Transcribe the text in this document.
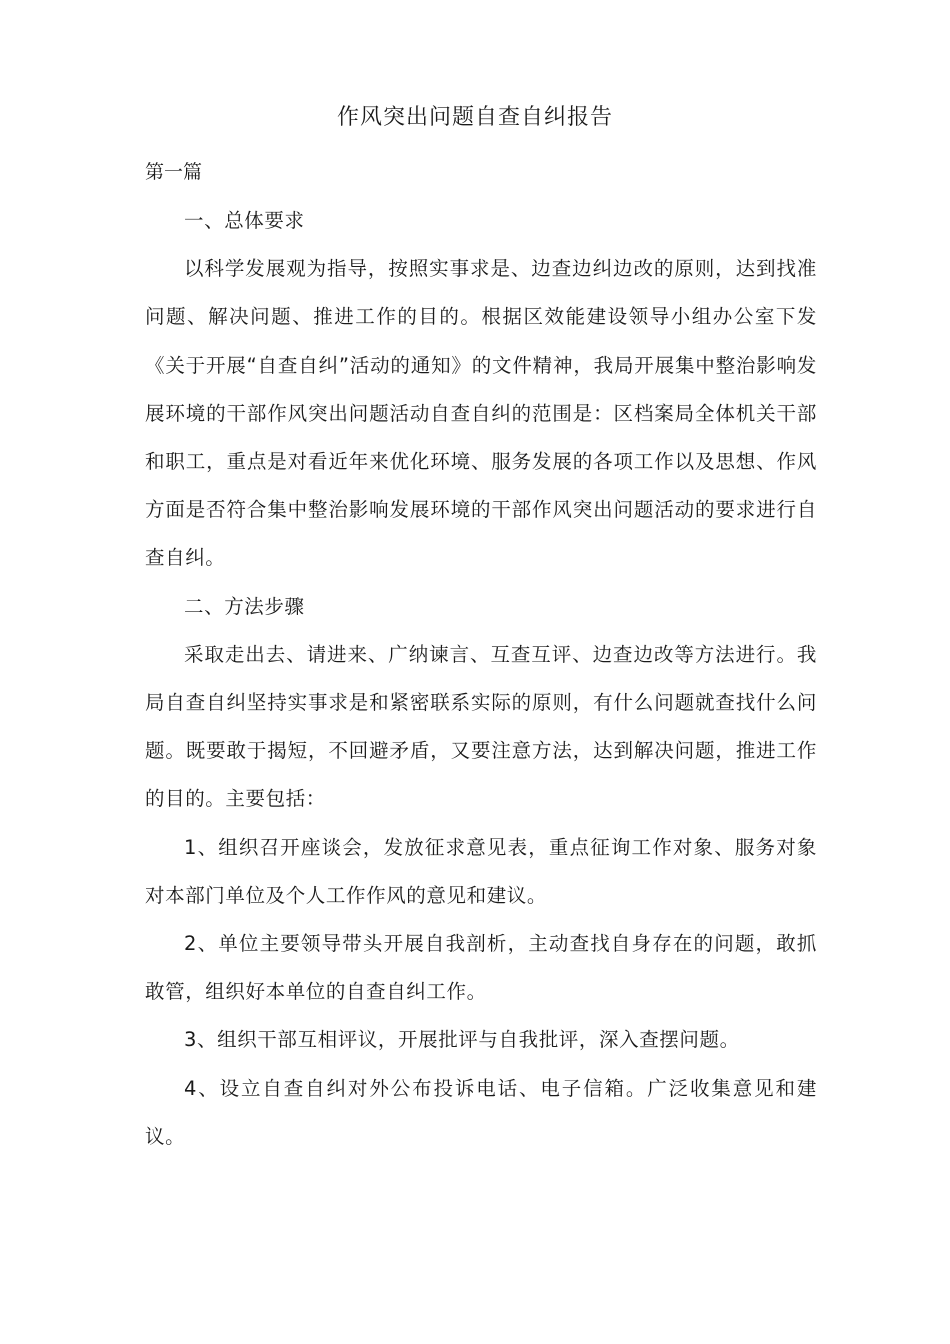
作风突出问题自查自纠报告
第一篇

一、总体要求

以科学发展观为指导，按照实事求是、边查边纠边改的原则，达到找准问题、解决问题、推进工作的目的。根据区效能建设领导小组办公室下发《关于开展“自查自纠”活动的通知》的文件精神，我局开展集中整治影响发展环境的干部作风突出问题活动自查自纠的范围是：区档案局全体机关干部和职工，重点是对看近年来优化环境、服务发展的各项工作以及思想、作风方面是否符合集中整治影响发展环境的干部作风突出问题活动的要求进行自查自纠。

二、方法步骤

采取走出去、请进来、广纳谏言、互查互评、边查边改等方法进行。我局自查自纠坚持实事求是和紧密联系实际的原则，有什么问题就查找什么问题。既要敢于揭短，不回避矛盾，又要注意方法，达到解决问题，推进工作的目的。主要包括：

1、组织召开座谈会，发放征求意见表，重点征询工作对象、服务对象对本部门单位及个人工作作风的意见和建议。

2、单位主要领导带头开展自我剖析，主动查找自身存在的问题，敢抓敢管，组织好本单位的自查自纠工作。

3、组织干部互相评议，开展批评与自我批评，深入查摆问题。

4、设立自查自纠对外公布投诉电话、电子信箱。广泛收集意见和建议。
